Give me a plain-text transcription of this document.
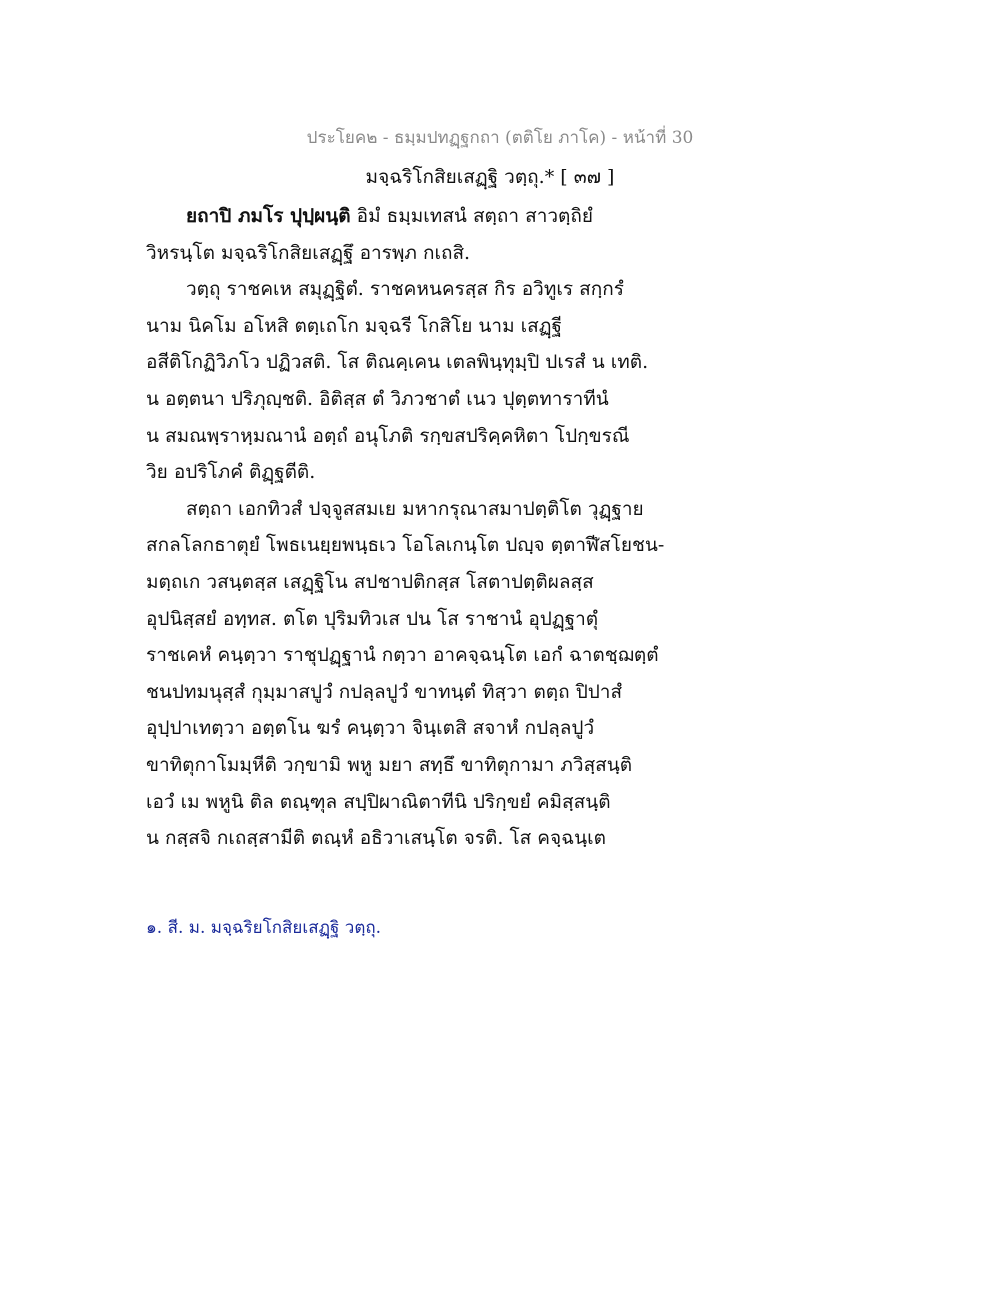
ประโยค๒ - ธมฺมปทฏฺฐกถา (ตติโย ภาโค) - หน้าที่ 30
มจฺฉริโกสิยเสฏฺฐิ วตฺถุ.* [ ๓๗ ]
ยถาปิ ภมโร ปุปฺผนฺติ อิมํ ธมฺมเทสนํ สตฺถา สาวตฺถิยํ
วิหรนฺโต มจฺฉริโกสิยเสฏฺฐึ อารพฺภ กเถสิ.
วตฺถุ ราชคเห สมุฏฺฐิตํ. ราชคหนครสฺส กิร อวิทูเร สกฺกรํ
นาม นิคโม อโหสิ ตตฺเถโก มจฺฉรี โกสิโย นาม เสฏฺฐี
อสีติโกฏิวิภโว ปฏิวสติ. โส ติณคฺเคน เตลพินฺทุมฺปิ ปเรสํ น เทติ.
น อตฺตนา ปริภุญฺชติ. อิติสฺส ตํ วิภวชาตํ เนว ปุตฺตทาราทีนํ
น สมณพฺราหฺมณานํ อตฺถํ อนุโภติ รกฺขสปริคฺคหิตา โปกฺขรณี
วิย อปริโภคํ ติฏฺฐตีติ.
สตฺถา เอกทิวสํ ปจฺจูสสมเย มหากรุณาสมาปตฺติโต วุฏฺฐาย
สกลโลกธาตุยํ โพธเนยฺยพนฺธเว โอโลเกนฺโต ปญฺจ ตฺตาฬีสโยชน-
มตฺถเก วสนฺตสฺส เสฏฺฐิโน สปชาปติกสฺส โสตาปตฺติผลสฺส
อุปนิสฺสยํ อทฺทส. ตโต ปุริมทิวเส ปน โส ราชานํ อุปฏฺฐาตุํ
ราชเคหํ คนฺตฺวา ราชุปฏฺฐานํ กตฺวา อาคจฺฉนฺโต เอกํ ฉาตชฺฌตฺตํ
ชนปทมนุสฺสํ กุมฺมาสปูวํ กปลฺลปูวํ ขาทนฺตํ ทิสฺวา ตตฺถ ปิปาสํ
อุปฺปาเทตฺวา อตฺตโน ฆรํ คนฺตฺวา จินฺเตสิ สจาหํ กปลฺลปูวํ
ขาทิตุกาโมมฺหีติ วกฺขามิ พหู มยา สทฺธึ ขาทิตุกามา ภวิสฺสนฺติ
เอวํ เม พหูนิ ติล ตณฺฑุล สปฺปิผาณิตาทีนิ ปริกฺขยํ คมิสฺสนฺติ
น กสฺสจิ กเถสฺสามีติ ตณฺหํ อธิวาเสนฺโต จรติ. โส คจฺฉนฺเต
๑. สี. ม. มจฺฉริยโกสิยเสฏฺฐิ วตฺถุ.
